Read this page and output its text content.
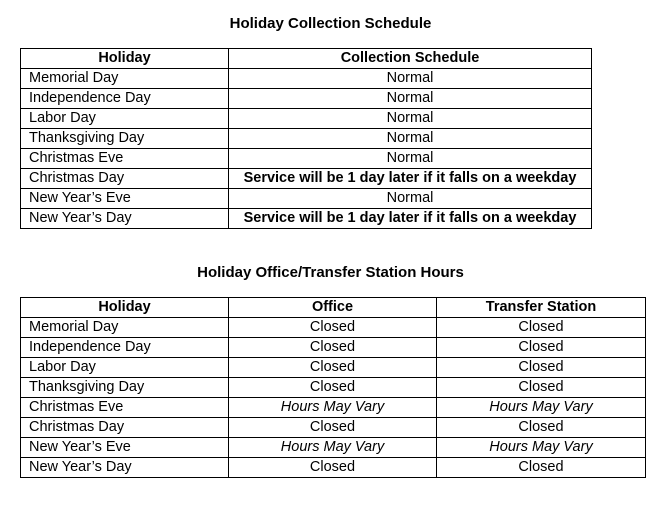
Holiday Collection Schedule
Holiday	Collection Schedule
Memorial Day	Normal
Independence Day	Normal
Labor Day	Normal
Thanksgiving Day	Normal
Christmas Eve	Normal
Christmas Day	Service will be 1 day later if it falls on a weekday
New Year’s Eve	Normal
New Year’s Day	Service will be 1 day later if it falls on a weekday
Holiday Office/Transfer Station Hours
Holiday	Office	Transfer Station
Memorial Day	Closed	Closed
Independence Day	Closed	Closed
Labor Day	Closed	Closed
Thanksgiving Day	Closed	Closed
Christmas Eve	Hours May Vary	Hours May Vary
Christmas Day	Closed	Closed
New Year’s Eve	Hours May Vary	Hours May Vary
New Year’s Day	Closed	Closed
